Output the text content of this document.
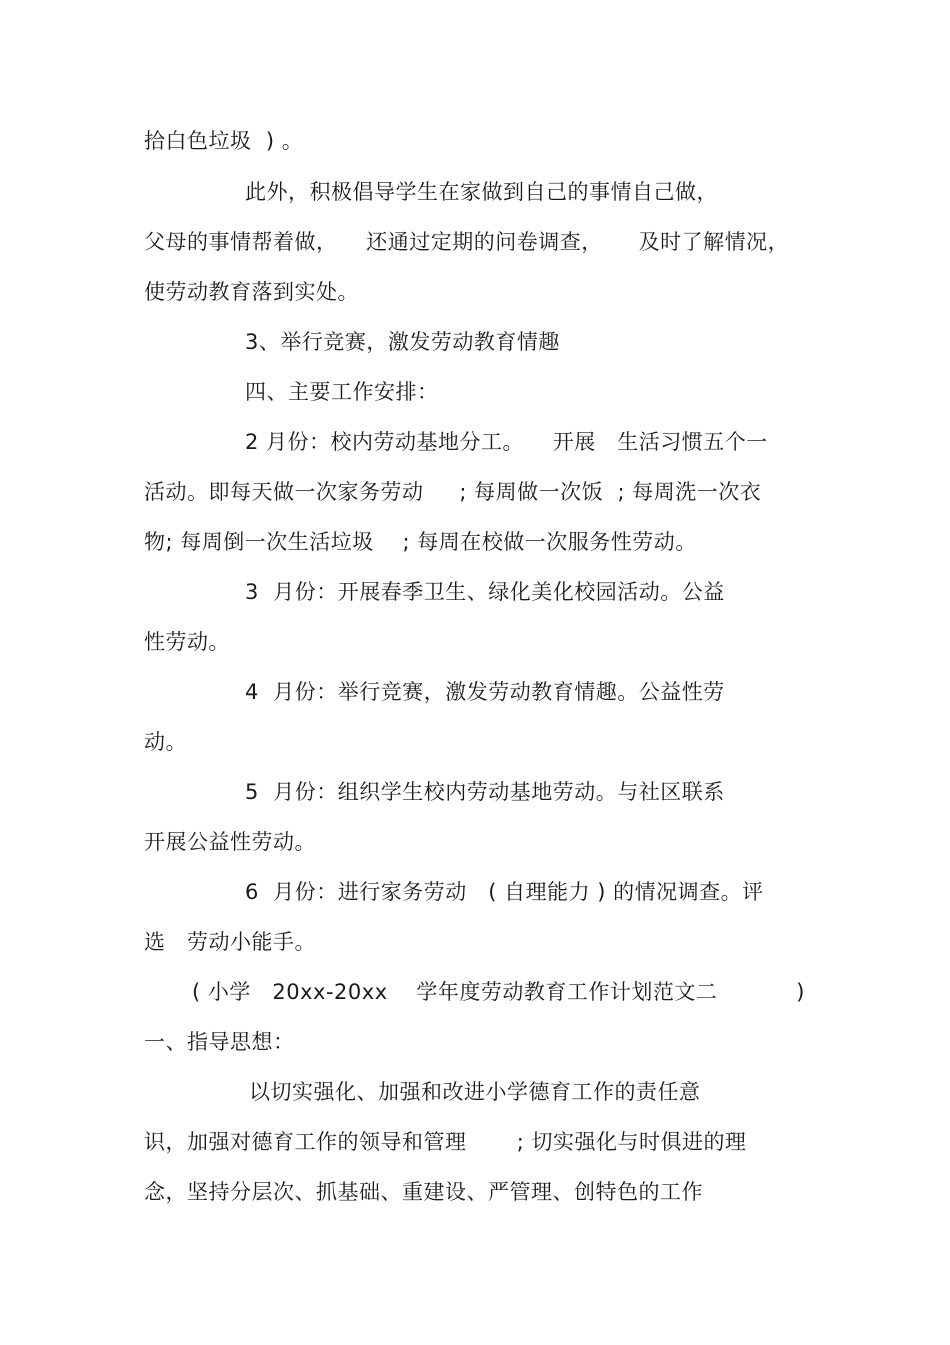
拾白色垃圾  ) 。
此外，积极倡导学生在家做到自己的事情自己做，
父母的事情帮着做，    还通过定期的问卷调查，     及时了解情况，
使劳动教育落到实处。
3、举行竞赛，激发劳动教育情趣
四、主要工作安排：
2 月份：校内劳动基地分工。    开展   生活习惯五个一
活动。即每天做一次家务劳动     ; 每周做一次饭  ; 每周洗一次衣
物; 每周倒一次生活垃圾    ; 每周在校做一次服务性劳动。
3  月份：开展春季卫生、绿化美化校园活动。公益
性劳动。
4  月份：举行竞赛，激发劳动教育情趣。公益性劳
动。
5  月份：组织学生校内劳动基地劳动。与社区联系
开展公益性劳动。
6  月份：进行家务劳动   ( 自理能力 ) 的情况调查。评
选   劳动小能手。
( 小学   20xx-20xx    学年度劳动教育工作计划范文二           )
一、指导思想：
以切实强化、加强和改进小学德育工作的责任意
识，加强对德育工作的领导和管理       ; 切实强化与时俱进的理
念，坚持分层次、抓基础、重建设、严管理、创特色的工作
